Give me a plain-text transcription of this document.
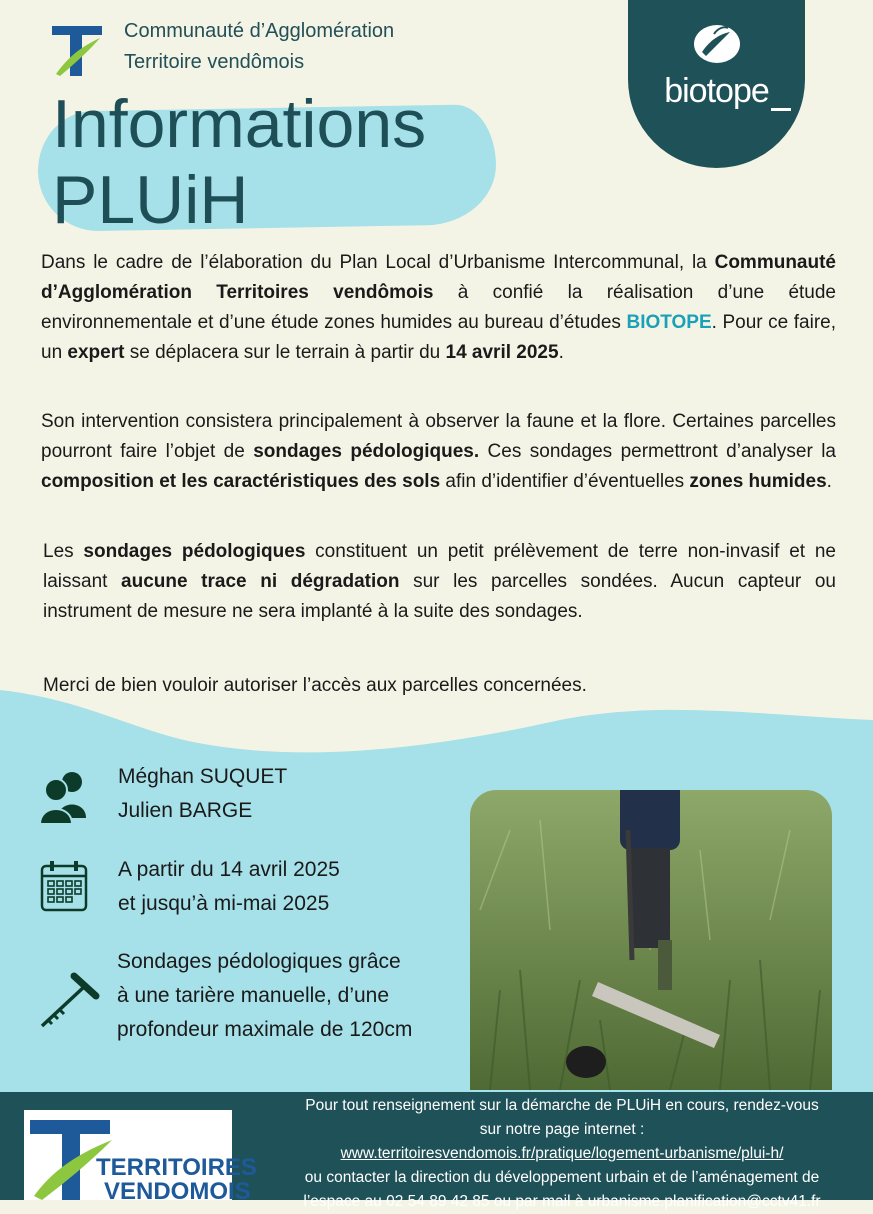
Communauté d’Agglomération
Territoire vendômois
Informations
PLUiH
biotope
Dans le cadre de l’élaboration du Plan Local d’Urbanisme Intercommunal, la Communauté d’Agglomération Territoires vendômois à confié la réalisation d’une étude environnementale et d’une étude zones humides au bureau d’études BIOTOPE. Pour ce faire, un expert se déplacera sur le terrain à partir du 14 avril 2025.
Son intervention consistera principalement à observer la faune et la flore. Certaines parcelles pourront faire l’objet de sondages pédologiques. Ces sondages permettront d’analyser la composition et les caractéristiques des sols afin d’identifier d’éventuelles zones humides.
Les sondages pédologiques constituent un petit prélèvement de terre non-invasif et ne laissant aucune trace ni dégradation sur les parcelles sondées. Aucun capteur ou instrument de mesure ne sera implanté à la suite des sondages.
Merci de bien vouloir autoriser l’accès aux parcelles concernées.
Méghan SUQUET
Julien BARGE
A partir du 14 avril 2025
et jusqu’à mi-mai 2025
Sondages pédologiques grâce
à une tarière manuelle, d’une
profondeur maximale de 120cm
Pour tout renseignement sur la démarche de PLUiH en cours, rendez-vous
sur notre page internet :
www.territoiresvendomois.fr/pratique/logement-urbanisme/plui-h/
ou contacter la direction du développement urbain et de l’aménagement de
l’espace au 02 54 89 42 85 ou par mail à urbanisme.planification@cctv41.fr
TERRITOIRES
VENDOMOIS
